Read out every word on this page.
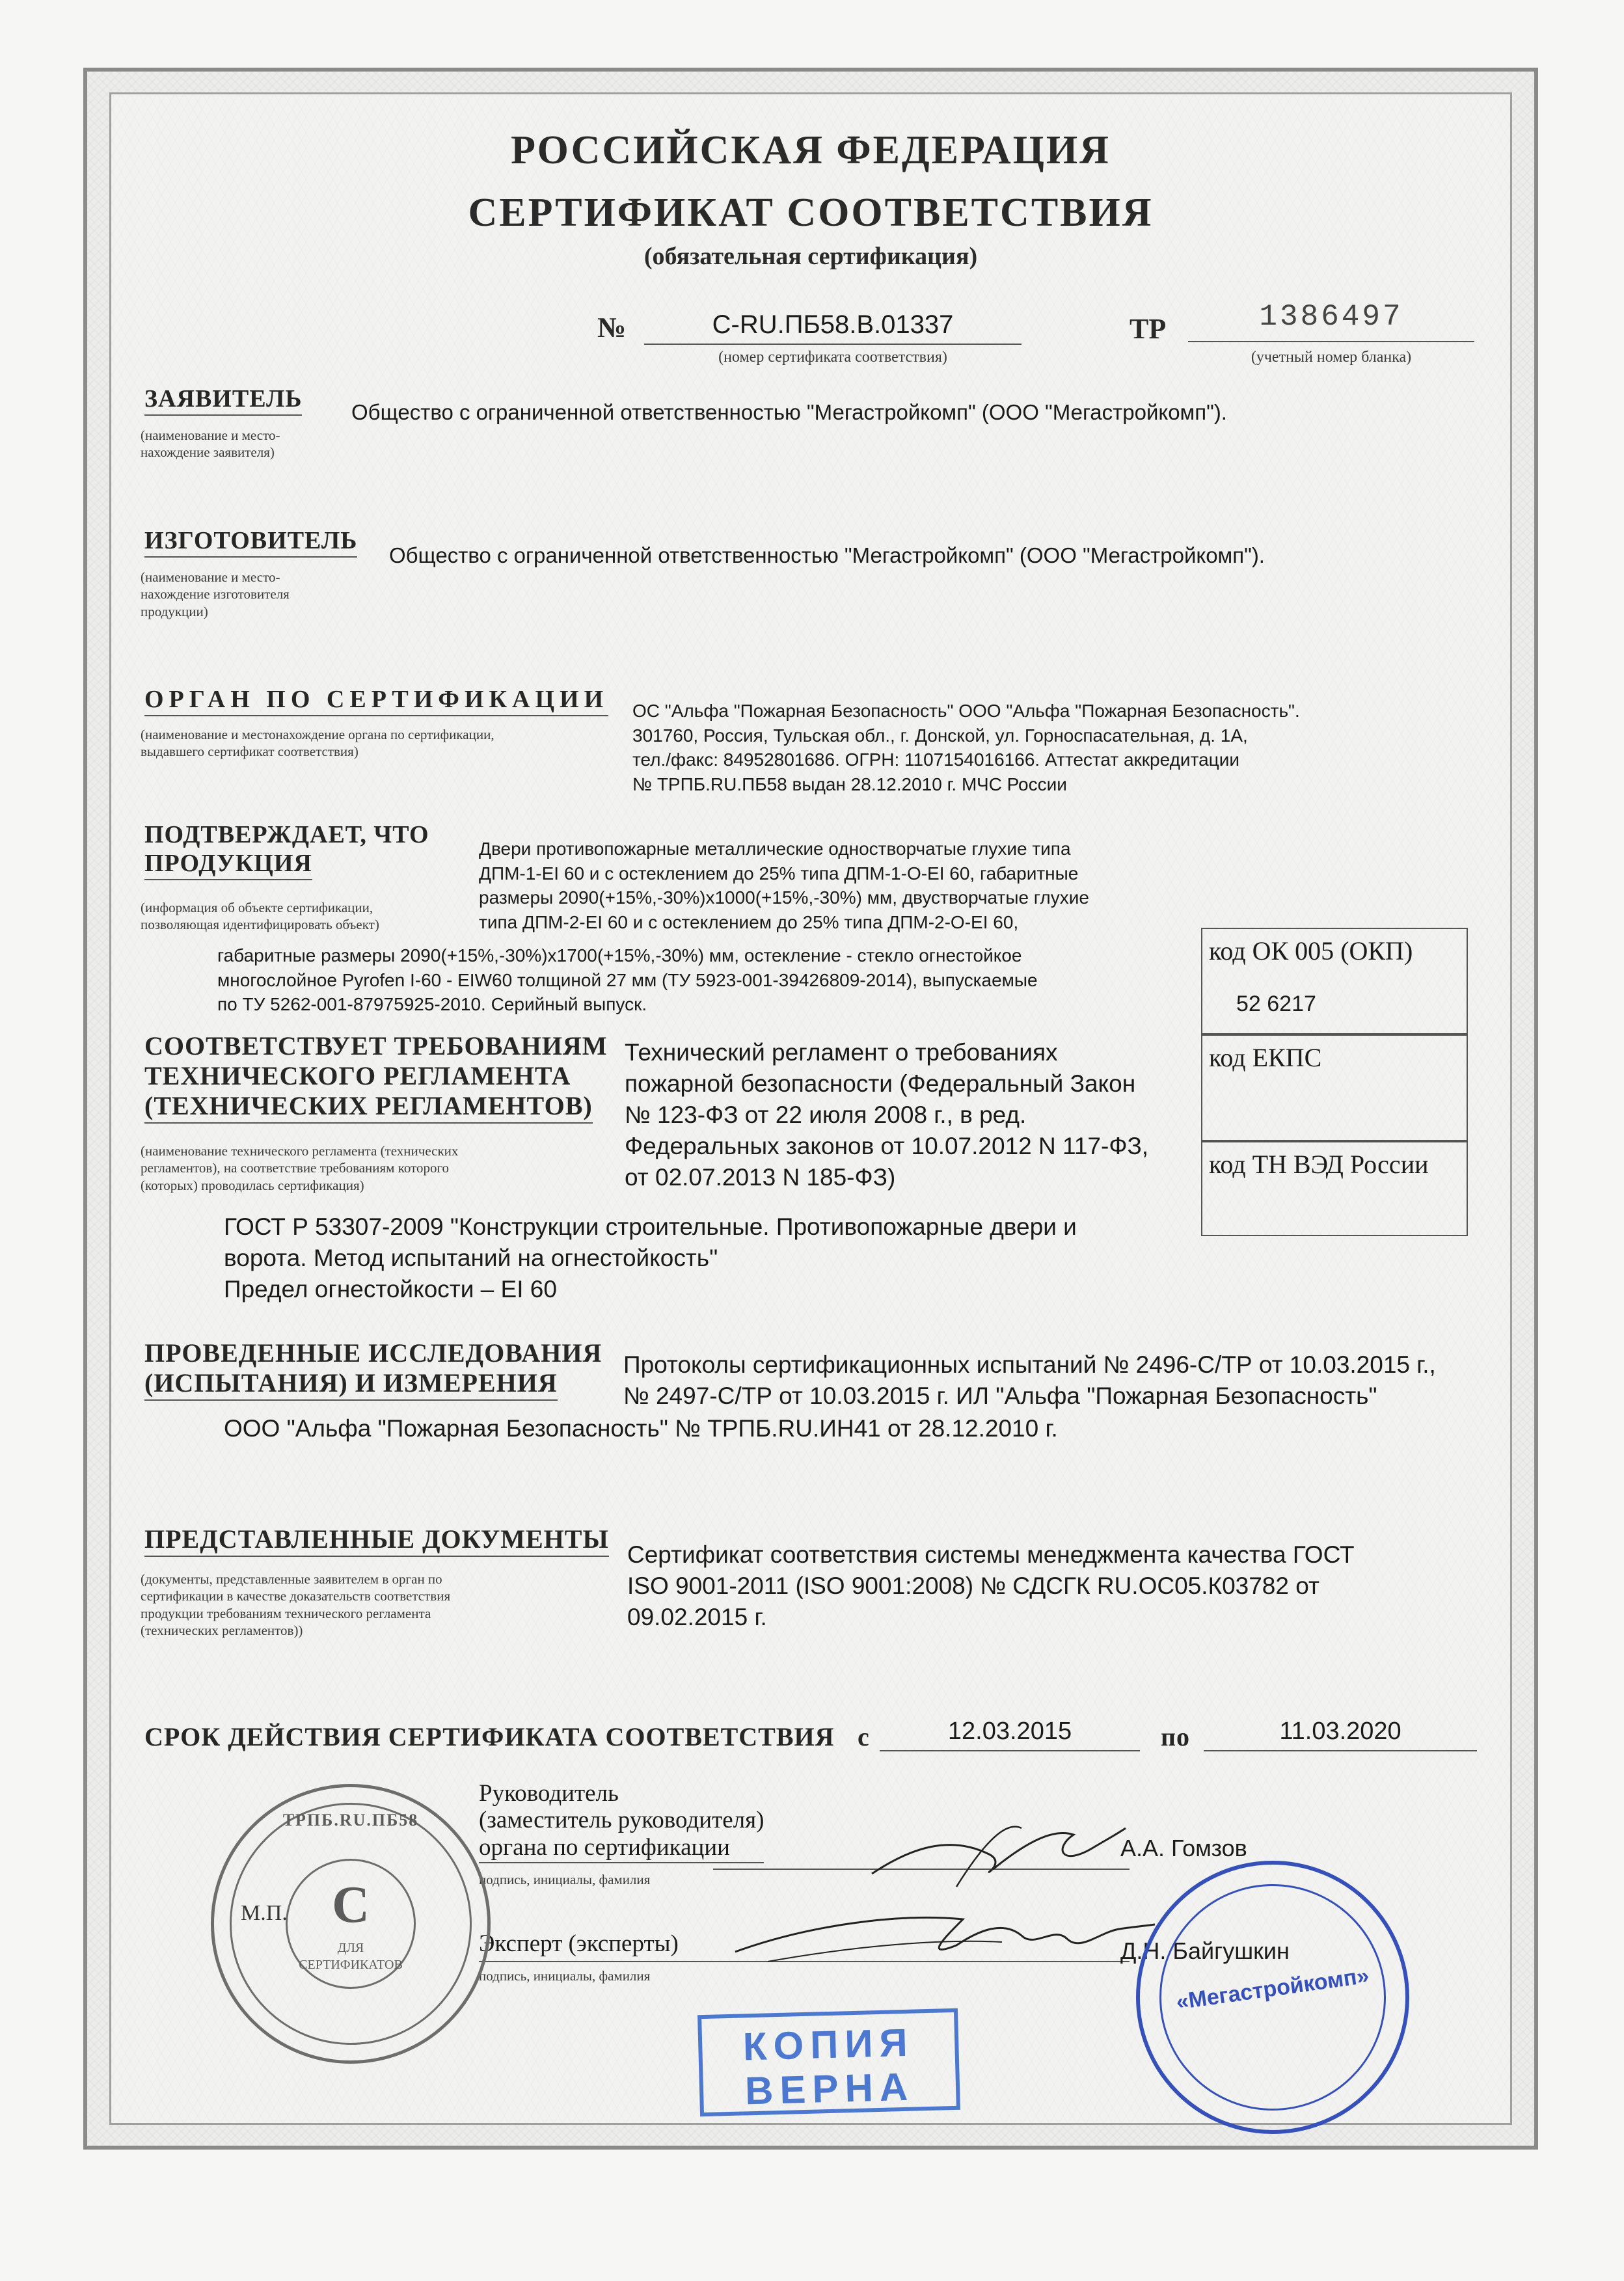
РОССИЙСКАЯ ФЕДЕРАЦИЯ
СЕРТИФИКАТ СООТВЕТСТВИЯ
(обязательная сертификация)
№	C-RU.ПБ58.В.01337
(номер сертификата соответствия)
ТР	1386497
(учетный номер бланка)
ЗАЯВИТЕЛЬ
(наименование и место-
нахождение заявителя)
Общество с ограниченной ответственностью "Мегастройкомп" (ООО "Мегастройкомп").
ИЗГОТОВИТЕЛЬ
(наименование и место-
нахождение изготовителя
продукции)
Общество с ограниченной ответственностью "Мегастройкомп" (ООО "Мегастройкомп").
ОРГАН ПО СЕРТИФИКАЦИИ
(наименование и местонахождение органа по сертификации,
выдавшего сертификат соответствия)
ОС "Альфа "Пожарная Безопасность" ООО "Альфа "Пожарная Безопасность".
301760, Россия, Тульская обл., г. Донской, ул. Горноспасательная, д. 1А,
тел./факс: 84952801686. ОГРН: 1107154016166. Аттестат аккредитации
№ ТРПБ.RU.ПБ58 выдан 28.12.2010 г. МЧС России
ПОДТВЕРЖДАЕТ, ЧТО
ПРОДУКЦИЯ
(информация об объекте сертификации,
позволяющая идентифицировать объект)
Двери противопожарные металлические одностворчатые глухие типа
ДПМ-1-EI 60 и с остеклением до 25% типа ДПМ-1-О-EI 60, габаритные
размеры 2090(+15%,-30%)х1000(+15%,-30%) мм, двустворчатые глухие
типа ДПМ-2-EI 60 и с остеклением до 25% типа ДПМ-2-О-EI 60,
габаритные размеры 2090(+15%,-30%)х1700(+15%,-30%) мм, остекление - стекло огнестойкое
многослойное Pyrofen I-60 - EIW60 толщиной 27 мм (ТУ 5923-001-39426809-2014), выпускаемые
по ТУ 5262-001-87975925-2010. Серийный выпуск.
код ОК 005 (ОКП)
52 6217
код ЕКПС
код ТН ВЭД России
СООТВЕТСТВУЕТ ТРЕБОВАНИЯМ
ТЕХНИЧЕСКОГО РЕГЛАМЕНТА
(ТЕХНИЧЕСКИХ РЕГЛАМЕНТОВ)
(наименование технического регламента (технических
регламентов), на соответствие требованиям которого
(которых) проводилась сертификация)
Технический регламент о требованиях
пожарной безопасности (Федеральный Закон
№ 123-ФЗ от 22 июля 2008 г., в ред.
Федеральных законов от 10.07.2012 N 117-ФЗ,
от 02.07.2013 N 185-ФЗ)
ГОСТ Р 53307-2009 "Конструкции строительные. Противопожарные двери и
ворота. Метод испытаний на огнестойкость"
Предел огнестойкости – EI 60
ПРОВЕДЕННЫЕ ИССЛЕДОВАНИЯ
(ИСПЫТАНИЯ) И ИЗМЕРЕНИЯ
Протоколы сертификационных испытаний № 2496-С/ТР от 10.03.2015 г.,
№ 2497-С/ТР от 10.03.2015 г. ИЛ "Альфа "Пожарная Безопасность"
ООО "Альфа "Пожарная Безопасность" № ТРПБ.RU.ИН41 от 28.12.2010 г.
ПРЕДСТАВЛЕННЫЕ ДОКУМЕНТЫ
(документы, представленные заявителем в орган по
сертификации в качестве доказательств соответствия
продукции требованиям технического регламента
(технических регламентов))
Сертификат соответствия системы менеджмента качества ГОСТ
ISO 9001-2011 (ISO 9001:2008) № СДСГК RU.ОС05.К03782 от
09.02.2015 г.
СРОК ДЕЙСТВИЯ СЕРТИФИКАТА СООТВЕТСТВИЯ с	12.03.2015	по	11.03.2020
Руководитель
(заместитель руководителя)
органа по сертификации
подпись, инициалы, фамилия
А.А. Гомзов
Эксперт (эксперты)
подпись, инициалы, фамилия
Д.Н. Байгушкин
ТРПБ.RU.ПБ58
С
ДЛЯ
СЕРТИФИКАТОВ
М.П.
«Мегастройкомп»
КОПИЯ
ВЕРНА
